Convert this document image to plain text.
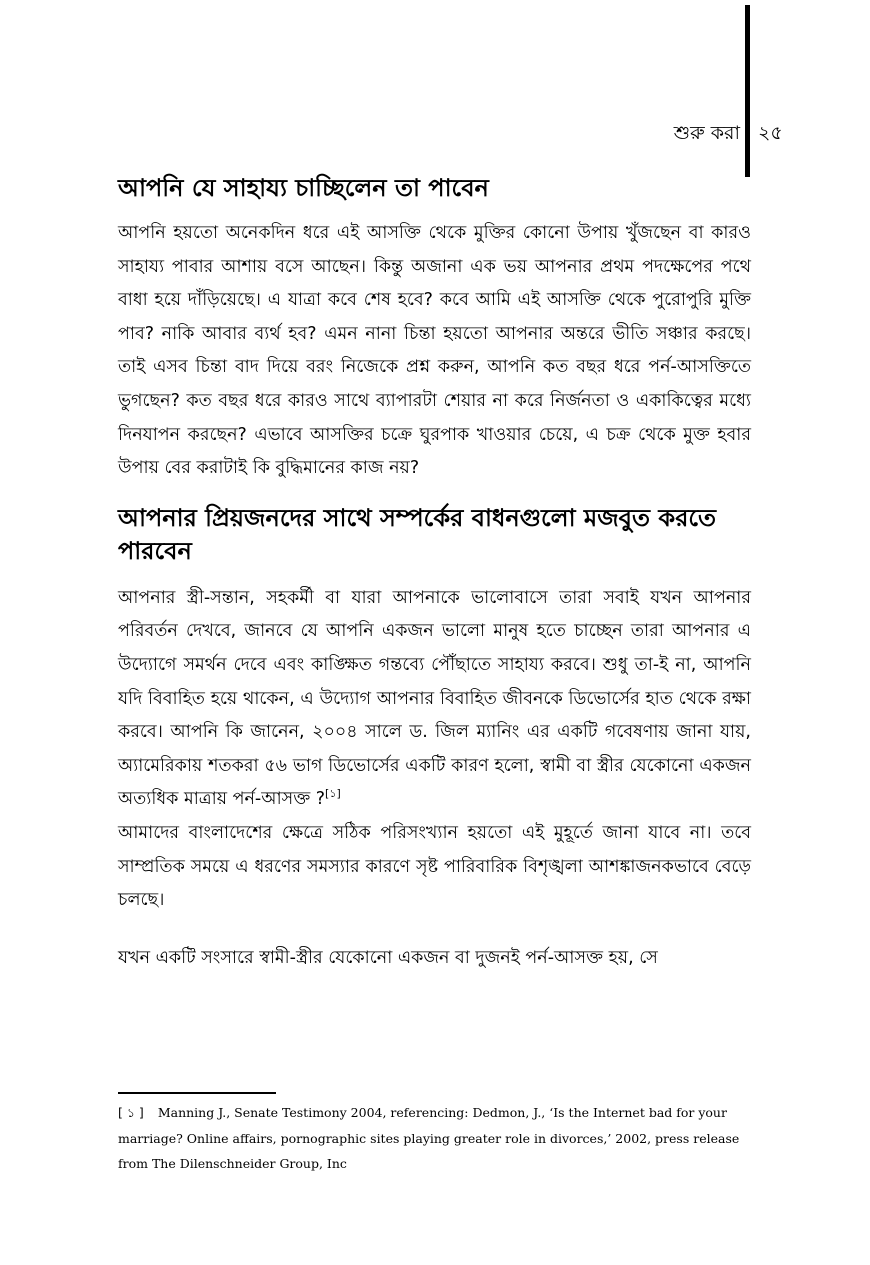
শুরু করা ২৫
আপনি যে সাহায্য চাচ্ছিলেন তা পাবেন

আপনি হয়তো অনেকদিন ধরে এই আসক্তি থেকে মুক্তির কোনো উপায় খুঁজছেন বা কারও সাহায্য পাবার আশায় বসে আছেন। কিন্তু অজানা এক ভয় আপনার প্রথম পদক্ষেপের পথে বাধা হয়ে দাঁড়িয়েছে। এ যাত্রা কবে শেষ হবে? কবে আমি এই আসক্তি থেকে পুরোপুরি মুক্তি পাব? নাকি আবার ব্যর্থ হব? এমন নানা চিন্তা হয়তো আপনার অন্তরে ভীতি সঞ্চার করছে। তাই এসব চিন্তা বাদ দিয়ে বরং নিজেকে প্রশ্ন করুন, আপনি কত বছর ধরে পর্ন-আসক্তিতে ভুগছেন? কত বছর ধরে কারও সাথে ব্যাপারটা শেয়ার না করে নির্জনতা ও একাকিত্বের মধ্যে দিনযাপন করছেন? এভাবে আসক্তির চক্রে ঘুরপাক খাওয়ার চেয়ে, এ চক্র থেকে মুক্ত হবার উপায় বের করাটাই কি বুদ্ধিমানের কাজ নয়?

আপনার প্রিয়জনদের সাথে সম্পর্কের বাধনগুলো মজবুত করতে পারবেন

আপনার স্ত্রী-সন্তান, সহকর্মী বা যারা আপনাকে ভালোবাসে তারা সবাই যখন আপনার পরিবর্তন দেখবে, জানবে যে আপনি একজন ভালো মানুষ হতে চাচ্ছেন তারা আপনার এ উদ্যোগে সমর্থন দেবে এবং কাঙ্ক্ষিত গন্তব্যে পৌঁছাতে সাহায্য করবে। শুধু তা-ই না, আপনি যদি বিবাহিত হয়ে থাকেন, এ উদ্যোগ আপনার বিবাহিত জীবনকে ডিভোর্সের হাত থেকে রক্ষা করবে। আপনি কি জানেন, ২০০৪ সালে ড. জিল ম্যানিং এর একটি গবেষণায় জানা যায়, অ্যামেরিকায় শতকরা ৫৬ ভাগ ডিভোর্সের একটি কারণ হলো, স্বামী বা স্ত্রীর যেকোনো একজন অত্যধিক মাত্রায় পর্ন-আসক্ত ?[১]

আমাদের বাংলাদেশের ক্ষেত্রে সঠিক পরিসংখ্যান হয়তো এই মুহূর্তে জানা যাবে না। তবে সাম্প্রতিক সময়ে এ ধরণের সমস্যার কারণে সৃষ্ট পারিবারিক বিশৃঙ্খলা আশঙ্কাজনকভাবে বেড়ে চলছে।

যখন একটি সংসারে স্বামী-স্ত্রীর যেকোনো একজন বা দুজনই পর্ন-আসক্ত হয়, সে

[ ১ ] Manning J., Senate Testimony 2004, referencing: Dedmon, J., ‘Is the Internet bad for your marriage? Online affairs, pornographic sites playing greater role in divorces,’ 2002, press release from The Dilenschneider Group, Inc
